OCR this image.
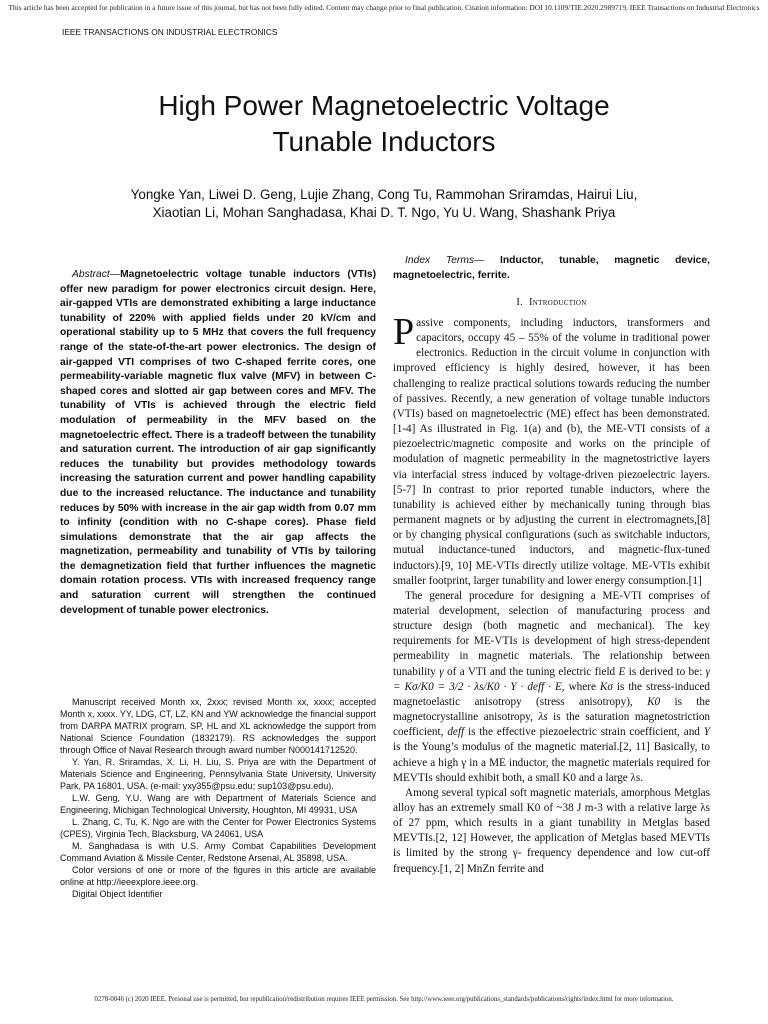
This article has been accepted for publication in a future issue of this journal, but has not been fully edited. Content may change prior to final publication. Citation information: DOI 10.1109/TIE.2020.2989719, IEEE Transactions on Industrial Electronics
IEEE TRANSACTIONS ON INDUSTRIAL ELECTRONICS
High Power Magnetoelectric Voltage
Tunable Inductors
Yongke Yan, Liwei D. Geng, Lujie Zhang, Cong Tu, Rammohan Sriramdas, Hairui Liu,
Xiaotian Li, Mohan Sanghadasa, Khai D. T. Ngo, Yu U. Wang, Shashank Priya
Abstract—Magnetoelectric voltage tunable inductors (VTIs) offer new paradigm for power electronics circuit design. Here, air-gapped VTIs are demonstrated exhibiting a large inductance tunability of 220% with applied fields under 20 kV/cm and operational stability up to 5 MHz that covers the full frequency range of the state-of-the-art power electronics. The design of air-gapped VTI comprises of two C-shaped ferrite cores, one permeability-variable magnetic flux valve (MFV) in between C-shaped cores and slotted air gap between cores and MFV. The tunability of VTIs is achieved through the electric field modulation of permeability in the MFV based on the magnetoelectric effect. There is a tradeoff between the tunability and saturation current. The introduction of air gap significantly reduces the tunability but provides methodology towards increasing the saturation current and power handling capability due to the increased reluctance. The inductance and tunability reduces by 50% with increase in the air gap width from 0.07 mm to infinity (condition with no C-shape cores). Phase field simulations demonstrate that the air gap affects the magnetization, permeability and tunability of VTIs by tailoring the demagnetization field that further influences the magnetic domain rotation process. VTIs with increased frequency range and saturation current will strengthen the continued development of tunable power electronics.

Manuscript received Month xx, 2xxx; revised Month xx, xxxx; accepted Month x, xxxx. YY, LDG, CT, LZ, KN and YW acknowledge the financial support from DARPA MATRIX program. SP, HL and XL acknowledge the support from National Science Foundation (1832179). RS acknowledges the support through Office of Naval Research through award number N000141712520.

Y. Yan, R. Sriramdas, X. Li, H. Liu, S. Priya are with the Department of Materials Science and Engineering, Pennsylvania State University, University Park, PA 16801, USA. (e-mail: yxy355@psu.edu; sup103@psu.edu).

L.W. Geng, Y.U. Wang are with Department of Materials Science and Engineering, Michigan Technological University, Houghton, MI 49931, USA

L. Zhang, C. Tu, K. Ngo are with the Center for Power Electronics Systems (CPES), Virginia Tech, Blacksburg, VA 24061, USA

M. Sanghadasa is with U.S. Army Combat Capabilities Development Command Aviation & Missile Center, Redstone Arsenal, AL 35898, USA.

Color versions of one or more of the figures in this article are available online at http://ieeexplore.ieee.org.

Digital Object Identifier

Index Terms— Inductor, tunable, magnetic device, magnetoelectric, ferrite.
I. Introduction

Passive components, including inductors, transformers and capacitors, occupy 45 – 55% of the volume in traditional power electronics. Reduction in the circuit volume in conjunction with improved efficiency is highly desired, however, it has been challenging to realize practical solutions towards reducing the number of passives. Recently, a new generation of voltage tunable inductors (VTIs) based on magnetoelectric (ME) effect has been demonstrated.[1-4] As illustrated in Fig. 1(a) and (b), the ME-VTI consists of a piezoelectric/magnetic composite and works on the principle of modulation of magnetic permeability in the magnetostrictive layers via interfacial stress induced by voltage-driven piezoelectric layers. [5-7] In contrast to prior reported tunable inductors, where the tunability is achieved either by mechanically tuning through bias permanent magnets or by adjusting the current in electromagnets,[8] or by changing physical configurations (such as switchable inductors, mutual inductance-tuned inductors, and magnetic-flux-tuned inductors).[9, 10] ME-VTIs directly utilize voltage. ME-VTIs exhibit smaller footprint, larger tunability and lower energy consumption.[1]

The general procedure for designing a ME-VTI comprises of material development, selection of manufacturing process and structure design (both magnetic and mechanical). The key requirements for ME-VTIs is development of high stress-dependent permeability in magnetic materials. The relationship between tunability γ of a VTI and the tuning electric field E is derived to be: γ = Kσ/K0 = 3/2 · λs/K0 · Y · deff · E, where Kσ is the stress-induced magnetoelastic anisotropy (stress anisotropy), K0 is the magnetocrystalline anisotropy, λs is the saturation magnetostriction coefficient, deff is the effective piezoelectric strain coefficient, and Y is the Young’s modulus of the magnetic material.[2, 11] Basically, to achieve a high γ in a ME inductor, the magnetic materials required for MEVTIs should exhibit both, a small K0 and a large λs.

Among several typical soft magnetic materials, amorphous Metglas alloy has an extremely small K0 of ~38 J m-3 with a relative large λs of 27 ppm, which results in a giant tunability in Metglas based MEVTIs.[2, 12] However, the application of Metglas based MEVTIs is limited by the strong γ- frequency dependence and low cut-off frequency.[1, 2] MnZn ferrite and

0278-0046 (c) 2020 IEEE. Personal use is permitted, but republication/redistribution requires IEEE permission. See http://www.ieee.org/publications_standards/publications/rights/index.html for more information.
